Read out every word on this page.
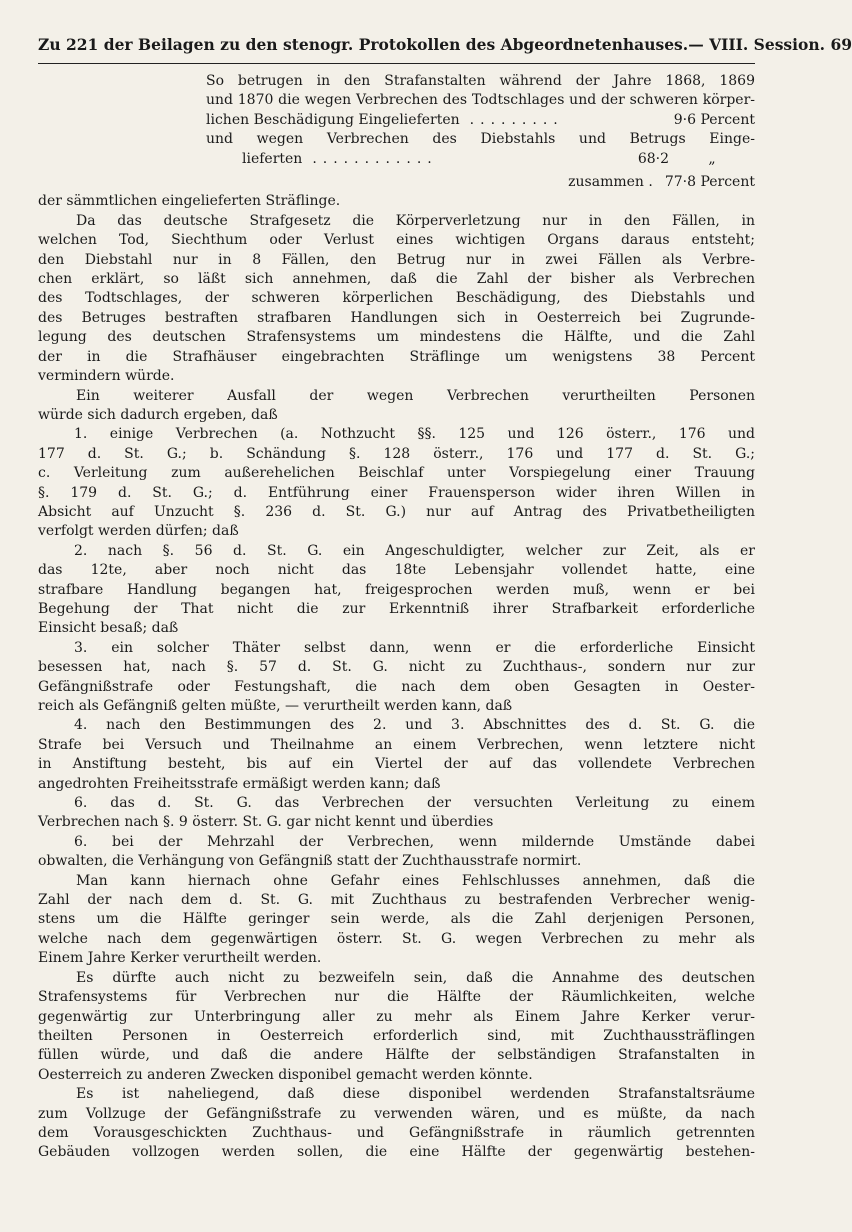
Zu 221 der Beilagen zu den stenogr. Protokollen des Abgeordnetenhauses. — VIII. Session. 69
So betrugen in den Strafanstalten während der Jahre 1868, 1869
und 1870 die wegen Verbrechen des Todtschlages und der schweren körper-
lichen Beschädigung Eingelieferten .........	9·6 Percent
und wegen Verbrechen des Diebstahls und Betrugs Einge-
lieferten ............	68·2	„
zusammen . 77·8 Percent
der sämmtlichen eingelieferten Sträflinge.
Da das deutsche Strafgesetz die Körperverletzung nur in den Fällen, in
welchen Tod, Siechthum oder Verlust eines wichtigen Organs daraus entsteht;
den Diebstahl nur in 8 Fällen, den Betrug nur in zwei Fällen als Verbre-
chen erklärt, so läßt sich annehmen, daß die Zahl der bisher als Verbrechen
des Todtschlages, der schweren körperlichen Beschädigung, des Diebstahls und
des Betruges bestraften strafbaren Handlungen sich in Oesterreich bei Zugrunde-
legung des deutschen Strafensystems um mindestens die Hälfte, und die Zahl
der in die Strafhäuser eingebrachten Sträflinge um wenigstens 38 Percent
vermindern würde.
Ein weiterer Ausfall der wegen Verbrechen verurtheilten Personen
würde sich dadurch ergeben, daß
1. einige Verbrechen (a. Nothzucht §§. 125 und 126 österr., 176 und
177 d. St. G.; b. Schändung §. 128 österr., 176 und 177 d. St. G.;
c. Verleitung zum außerehelichen Beischlaf unter Vorspiegelung einer Trauung
§. 179 d. St. G.; d. Entführung einer Frauensperson wider ihren Willen in
Absicht auf Unzucht §. 236 d. St. G.) nur auf Antrag des Privatbetheiligten
verfolgt werden dürfen; daß
2. nach §. 56 d. St. G. ein Angeschuldigter, welcher zur Zeit, als er
das 12te, aber noch nicht das 18te Lebensjahr vollendet hatte, eine
strafbare Handlung begangen hat, freigesprochen werden muß, wenn er bei
Begehung der That nicht die zur Erkenntniß ihrer Strafbarkeit erforderliche
Einsicht besaß; daß
3. ein solcher Thäter selbst dann, wenn er die erforderliche Einsicht
besessen hat, nach §. 57 d. St. G. nicht zu Zuchthaus-, sondern nur zur
Gefängnißstrafe oder Festungshaft, die nach dem oben Gesagten in Oester-
reich als Gefängniß gelten müßte, — verurtheilt werden kann, daß
4. nach den Bestimmungen des 2. und 3. Abschnittes des d. St. G. die
Strafe bei Versuch und Theilnahme an einem Verbrechen, wenn letztere nicht
in Anstiftung besteht, bis auf ein Viertel der auf das vollendete Verbrechen
angedrohten Freiheitsstrafe ermäßigt werden kann; daß
6. das d. St. G. das Verbrechen der versuchten Verleitung zu einem
Verbrechen nach §. 9 österr. St. G. gar nicht kennt und überdies
6. bei der Mehrzahl der Verbrechen, wenn mildernde Umstände dabei
obwalten, die Verhängung von Gefängniß statt der Zuchthausstrafe normirt.
Man kann hiernach ohne Gefahr eines Fehlschlusses annehmen, daß die
Zahl der nach dem d. St. G. mit Zuchthaus zu bestrafenden Verbrecher wenig-
stens um die Hälfte geringer sein werde, als die Zahl derjenigen Personen,
welche nach dem gegenwärtigen österr. St. G. wegen Verbrechen zu mehr als
Einem Jahre Kerker verurtheilt werden.
Es dürfte auch nicht zu bezweifeln sein, daß die Annahme des deutschen
Strafensystems für Verbrechen nur die Hälfte der Räumlichkeiten, welche
gegenwärtig zur Unterbringung aller zu mehr als Einem Jahre Kerker verur-
theilten Personen in Oesterreich erforderlich sind, mit Zuchthaussträflingen
füllen würde, und daß die andere Hälfte der selbständigen Strafanstalten in
Oesterreich zu anderen Zwecken disponibel gemacht werden könnte.
Es ist naheliegend, daß diese disponibel werdenden Strafanstaltsräume
zum Vollzuge der Gefängnißstrafe zu verwenden wären, und es müßte, da nach
dem Vorausgeschickten Zuchthaus- und Gefängnißstrafe in räumlich getrennten
Gebäuden vollzogen werden sollen, die eine Hälfte der gegenwärtig bestehen-
